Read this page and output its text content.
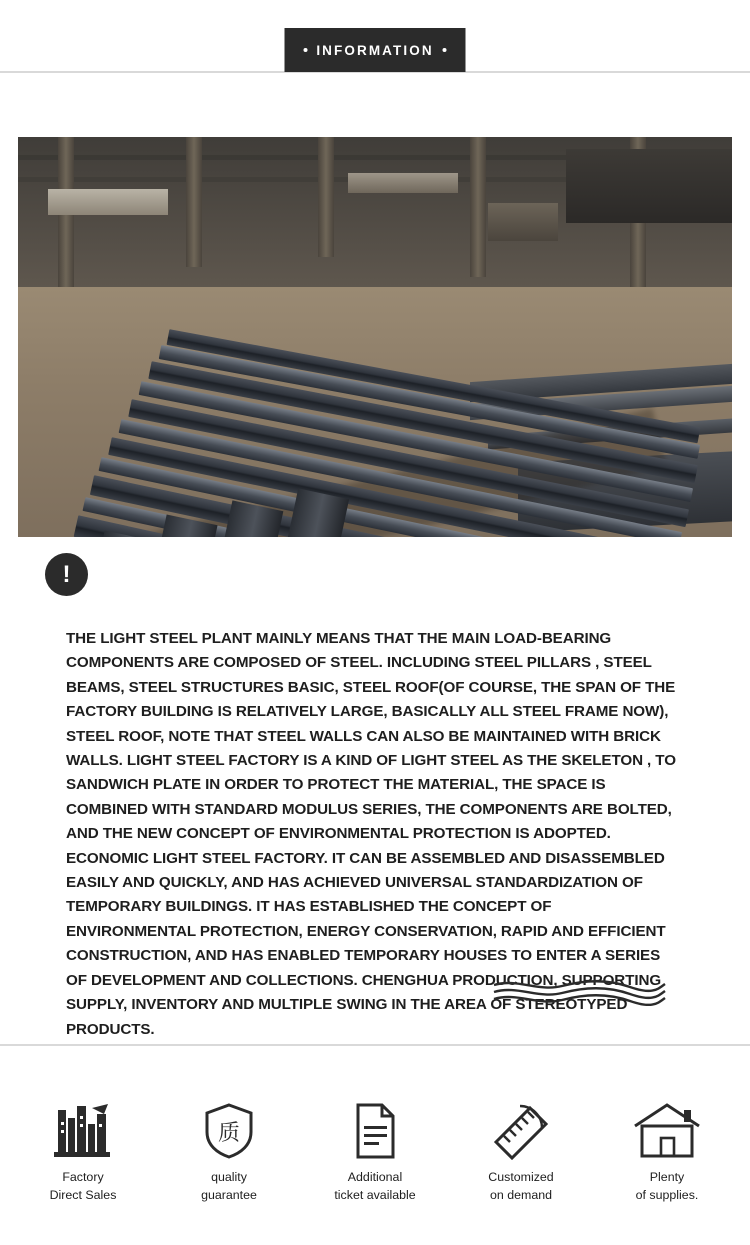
INFORMATION
!
THE LIGHT STEEL PLANT MAINLY MEANS THAT THE MAIN LOAD-BEARING COMPONENTS ARE COMPOSED OF STEEL. INCLUDING STEEL PILLARS , STEEL BEAMS, STEEL STRUCTURES BASIC, STEEL ROOF(OF COURSE, THE SPAN OF THE FACTORY BUILDING IS RELATIVELY LARGE, BASICALLY ALL STEEL FRAME NOW), STEEL ROOF, NOTE THAT STEEL WALLS CAN ALSO BE MAINTAINED WITH BRICK WALLS. LIGHT STEEL FACTORY IS A KIND OF LIGHT STEEL AS THE SKELETON , TO SANDWICH PLATE IN ORDER TO PROTECT THE MATERIAL, THE SPACE IS COMBINED WITH STANDARD MODULUS SERIES, THE COMPONENTS ARE BOLTED, AND THE NEW CONCEPT OF ENVIRONMENTAL PROTECTION IS ADOPTED. ECONOMIC LIGHT STEEL FACTORY. IT CAN BE ASSEMBLED AND DISASSEMBLED EASILY AND QUICKLY, AND HAS ACHIEVED UNIVERSAL STANDARDIZATION OF TEMPORARY BUILDINGS. IT HAS ESTABLISHED THE CONCEPT OF ENVIRONMENTAL PROTECTION, ENERGY CONSERVATION, RAPID AND EFFICIENT CONSTRUCTION, AND HAS ENABLED TEMPORARY HOUSES TO ENTER A SERIES OF DEVELOPMENT AND COLLECTIONS. CHENGHUA PRODUCTION, SUPPORTING SUPPLY, INVENTORY AND MULTIPLE SWING IN THE AREA OF STEREOTYPED PRODUCTS.
Factory
Direct Sales
质
quality
guarantee
Additional
ticket available
Customized
on demand
Plenty
of supplies.
